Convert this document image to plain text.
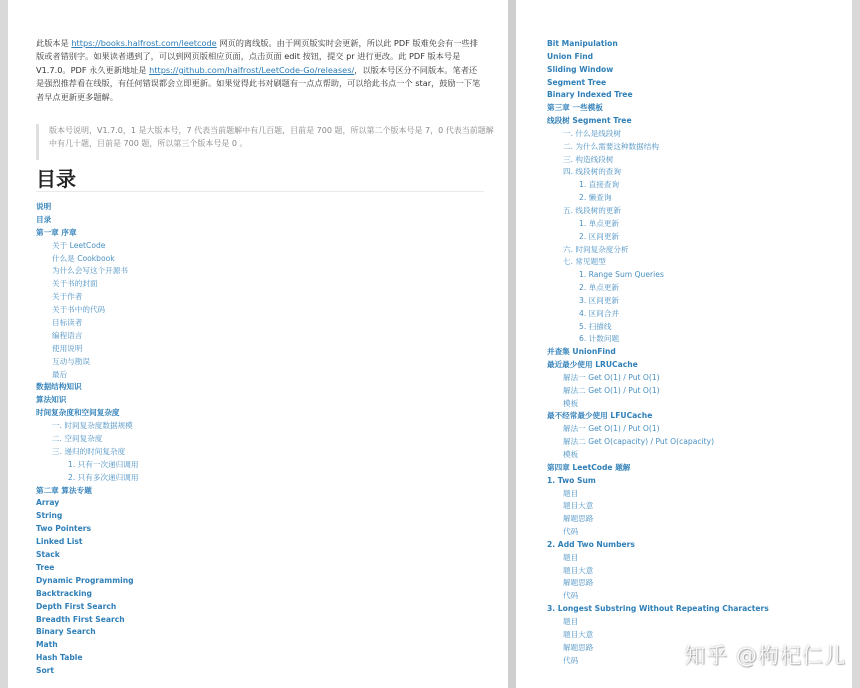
此版本是 https://books.halfrost.com/leetcode 网页的离线版。由于网页版实时会更新，所以此 PDF 版难免会有一些排版或者错别字。如果读者遇到了，可以到网页版相应页面，点击页面 edit 按钮，提交 pr 进行更改。此 PDF 版本号是 V1.7.0。PDF 永久更新地址是 https://github.com/halfrost/LeetCode-Go/releases/，以版本号区分不同版本。笔者还是强烈推荐看在线版，有任何错误都会立即更新。如果觉得此书对刷题有一点点帮助，可以给此书点一个 star，鼓励一下笔者早点更新更多题解。
版本号说明，V1.7.0，1 是大版本号，7 代表当前题解中有几百题，目前是 700 题，所以第二个版本号是 7，0 代表当前题解中有几十题，目前是 700 题，所以第三个版本号是 0 。
目录
说明
目录
第一章 序章
关于 LeetCode
什么是 Cookbook
为什么会写这个开源书
关于书的封面
关于作者
关于书中的代码
目标读者
编程语言
使用说明
互动与勘误
最后
数据结构知识
算法知识
时间复杂度和空间复杂度
一. 时间复杂度数据规模
二. 空间复杂度
三. 递归的时间复杂度
1. 只有一次递归调用
2. 只有多次递归调用
第二章 算法专题
Array
String
Two Pointers
Linked List
Stack
Tree
Dynamic Programming
Backtracking
Depth First Search
Breadth First Search
Binary Search
Math
Hash Table
Sort
Bit Manipulation
Union Find
Sliding Window
Segment Tree
Binary Indexed Tree
第三章 一些模板
线段树 Segment Tree
一. 什么是线段树
二. 为什么需要这种数据结构
三. 构造线段树
四. 线段树的查询
1. 直接查询
2. 懒查询
五. 线段树的更新
1. 单点更新
2. 区间更新
六. 时间复杂度分析
七. 常见题型
1. Range Sum Queries
2. 单点更新
3. 区间更新
4. 区间合并
5. 扫描线
6. 计数问题
并查集 UnionFind
最近最少使用 LRUCache
解法一 Get O(1) / Put O(1)
解法二 Get O(1) / Put O(1)
模板
最不经常最少使用 LFUCache
解法一 Get O(1) / Put O(1)
解法二 Get O(capacity) / Put O(capacity)
模板
第四章 LeetCode 题解
1. Two Sum
题目
题目大意
解题思路
代码
2. Add Two Numbers
题目
题目大意
解题思路
代码
3. Longest Substring Without Repeating Characters
题目
题目大意
解题思路
代码	知乎 @枸杞仁儿
